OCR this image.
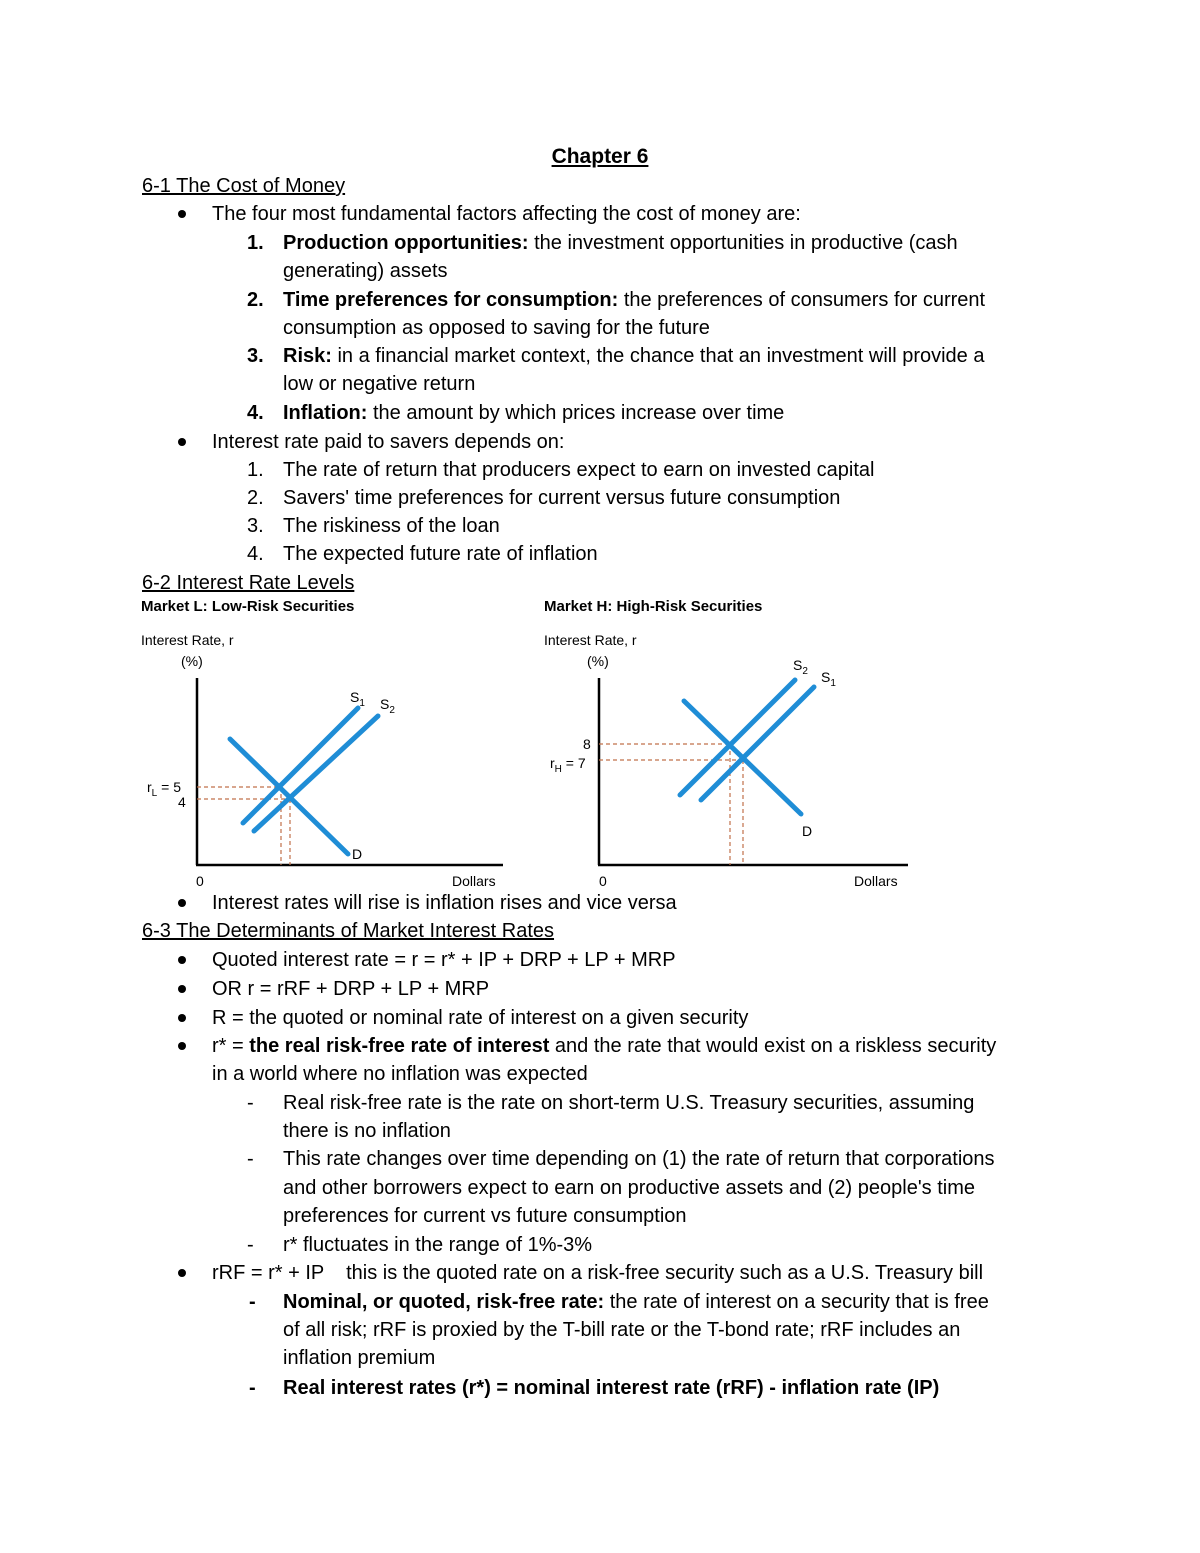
Chapter 6
6-1 The Cost of Money
The four most fundamental factors affecting the cost of money are:
1. Production opportunities: the investment opportunities in productive (cash
generating) assets
2. Time preferences for consumption: the preferences of consumers for current
consumption as opposed to saving for the future
3. Risk: in a financial market context, the chance that an investment will provide a
low or negative return
4. Inflation: the amount by which prices increase over time
Interest rate paid to savers depends on:
1. The rate of return that producers expect to earn on invested capital
2. Savers' time preferences for current versus future consumption
3. The riskiness of the loan
4. The expected future rate of inflation
6-2 Interest Rate Levels
Market L: Low-Risk Securities
Interest Rate, r
(%)
$S_1$ $S_2$
D
$r_L = 5$
4
0	Dollars
Market H: High-Risk Securities
Interest Rate, r
(%)	$S_2$ $S_1$
D
8
$r_H = 7$
0	Dollars
Interest rates will rise is inflation rises and vice versa
6-3 The Determinants of Market Interest Rates
Quoted interest rate = r = r* + IP + DRP + LP + MRP
OR r = rRF + DRP + LP + MRP
R = the quoted or nominal rate of interest on a given security
r* = the real risk-free rate of interest and the rate that would exist on a riskless security
in a world where no inflation was expected
- Real risk-free rate is the rate on short-term U.S. Treasury securities, assuming
there is no inflation
- This rate changes over time depending on (1) the rate of return that corporations
and other borrowers expect to earn on productive assets and (2) people's time
preferences for current vs future consumption
- r* fluctuates in the range of 1%-3%
rRF = r* + IP    this is the quoted rate on a risk-free security such as a U.S. Treasury bill
- Nominal, or quoted, risk-free rate: the rate of interest on a security that is free
of all risk; rRF is proxied by the T-bill rate or the T-bond rate; rRF includes an
inflation premium
- Real interest rates (r*) = nominal interest rate (rRF) - inflation rate (IP)
